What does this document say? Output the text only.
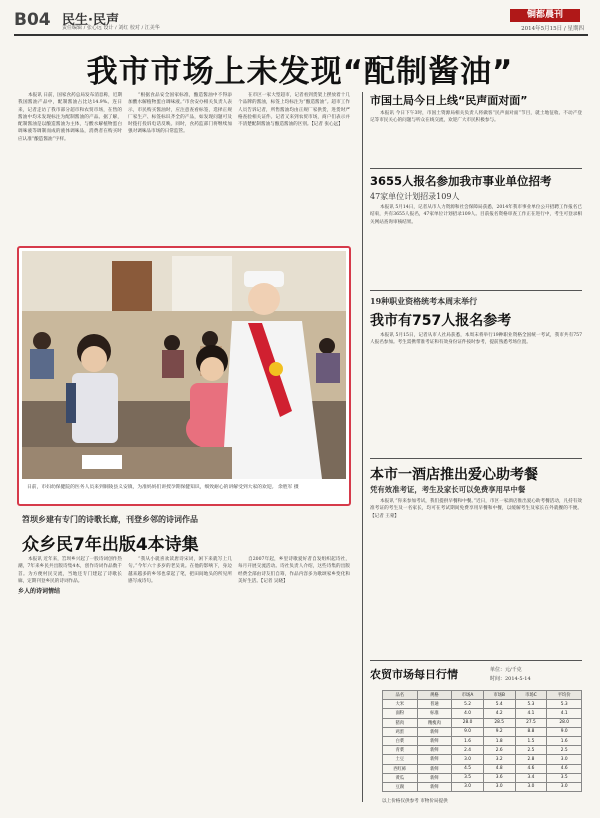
B04 民生·民声
责任编辑 / 张心远 设计 / 刘红 校对 / 江美华
铜都晨刊
2014年5月15日 / 星期四
我市市场上未发现“配制酱油”

本报讯 日前，国家食药总局发布消息称，近期我国酱油产品中，配制酱油占比达14.9%。连日来，记者走访了我市部分超市和农贸市场，在售的酱油中均未发现标注为配制酱油的产品。据了解，配制酱油是以酿造酱油为主体，与酸水解植物蛋白调味液等调制而成的液体调味品，消费者在购买时应认准“酿造酱油”字样。

“根据食品安全国家标准，酿造酱油中不得添加酸水解植物蛋白调味液。”市食安办相关负责人表示，市民购买酱油时，应注意查看标签，选择正规厂家生产、标签标识齐全的产品，如发现问题可及时拨打投诉电话反映。同时，食药监部门将继续加强对调味品市场的日常监管。

在市区一家大型超市，记者看到货架上摆放着十几个品牌的酱油，标签上均标注为“酿造酱油”。超市工作人员告诉记者，所售酱油均由正规厂家供货，进货时严格查验相关证件。记者又来到农贸市场，商户们表示并不清楚配制酱油与酿造酱油的区别。【记者 张心远】

日前，市妇幼保健院的医务人员来到铜陵县义安镇，为准妈妈们讲授孕期保健知识，细致耐心的讲解受到大家的欢迎。 余胜军 摄
市国土局今日上线“民声面对面”

本报讯 今日下午3时，市国土资源局相关负责人将做客“民声面对面”节目，就土地征收、不动产登记等市民关心的问题与听众在线交流，欢迎广大市民积极参与。

3655人报名参加我市事业单位招考
47家单位计划招录109人

本报讯 5月14日，记者从市人力资源和社会保障局获悉，2014年我市事业单位公开招聘工作报名已结束，共有3655人报名，47家单位计划招录109人。目前报名资格审查工作正在进行中，考生可登录相关网站查询审核结果。

19种职业资格统考本周末举行
我市有757人报名参考

本报讯 5月15日，记者从市人社局获悉，本周末将举行19种职业资格全国统一考试，我市共有757人报名参加。考生需携带准考证和有效身份证件按时参考，提前熟悉考场位置。

本市一酒店推出爱心助考餐
凭有效准考证，考生及家长可以免费享用早中餐

本报讯 “你来参加考试，我们提供早餐和中餐。”近日，市区一家酒店推出爱心助考餐活动，凡持有效准考证的考生及一名家长，均可在考试期间免费享用早餐和中餐，以缓解考生及家长在外就餐的不便。【记者 王蒙】

笤坝乡建有专门的诗歌长廊，刊登乡邻的诗词作品
众乡民7年出版4本诗集

本报讯 近年来，笤坝乡兴起了一股诗词创作热潮，7年来乡民共出版诗集4本，创作诗词作品数千首。为方便村民交流，当地还专门建起了诗歌长廊，定期刊登乡民的诗词作品。

乡人的诗词情结

“我从小就喜欢读唐诗宋词，闲下来就写上几句。”今年六十多岁的老吴说。在他的影响下，身边越来越多的乡邻也拿起了笔，把田间地头的所见所感写成诗句。

自2007年起，乡里诗歌爱好者自发组织起诗社，每月开展交流活动。诗社负责人介绍，这些诗集的出版经费全部由诗友们自筹，作品内容多为歌颂家乡变化和美好生活。【记者 吴晓】

农贸市场每日行情	单位：元/千克
时间：2014-5-14
品名	规格	市场A	市场B	市场C	平均价
大米	普通	5.2	5.4	5.3	5.3
面粉	标准	4.0	4.2	4.1	4.1
猪肉	精瘦肉	28.0	28.5	27.5	28.0
鸡蛋	新鲜	9.0	9.2	8.8	9.0
白菜	新鲜	1.6	1.8	1.5	1.6
青菜	新鲜	2.4	2.6	2.5	2.5
土豆	新鲜	3.0	3.2	2.8	3.0
西红柿	新鲜	4.5	4.8	4.6	4.6
黄瓜	新鲜	3.5	3.6	3.4	3.5
豆腐	新鲜	3.0	3.0	3.0	3.0
以上价格仅供参考 市物价局提供
